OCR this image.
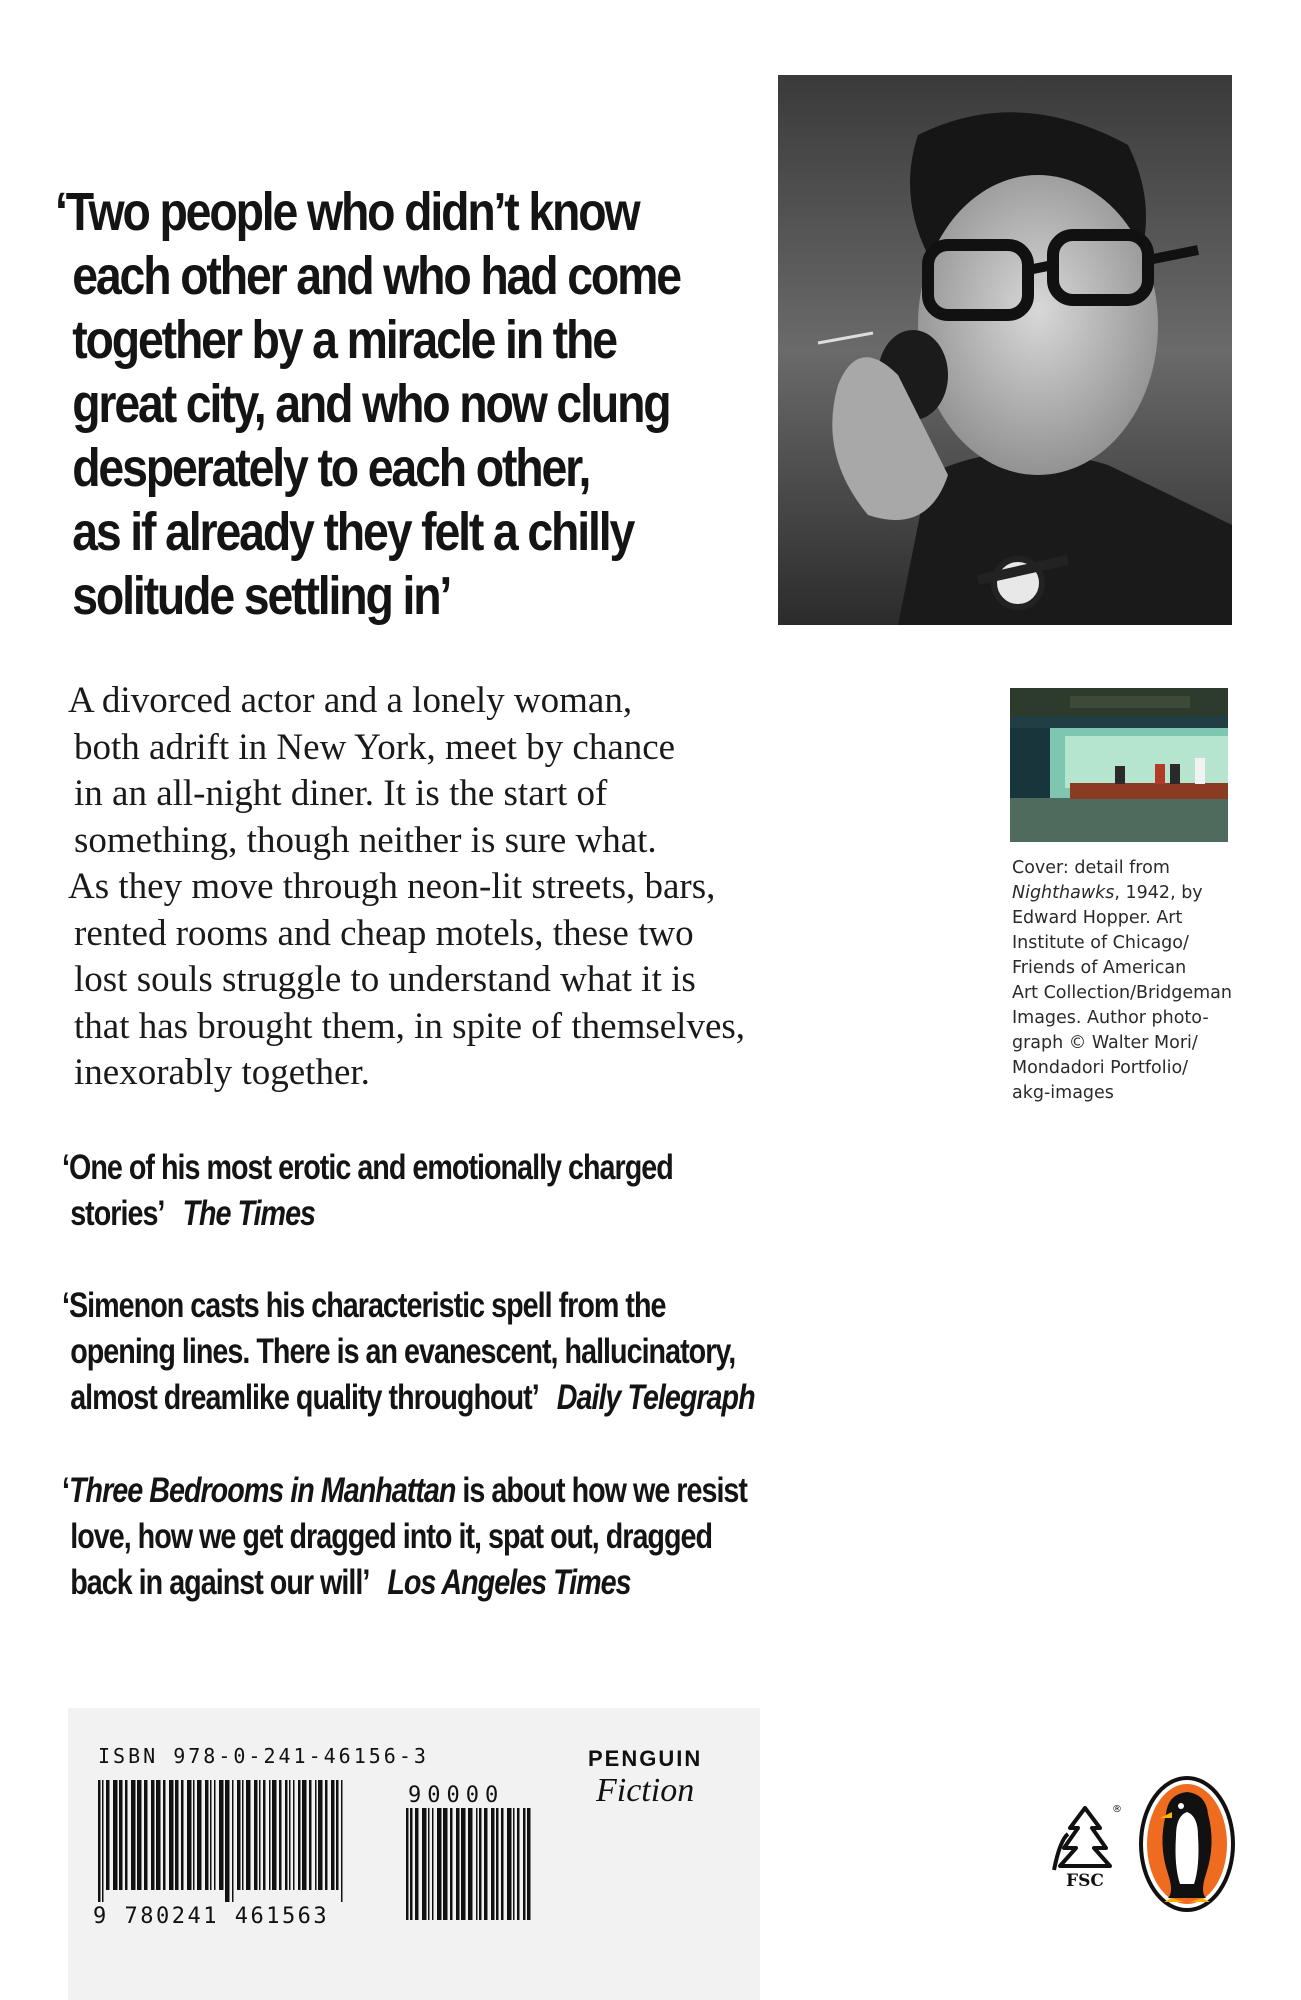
‘Two people who didn’t know
each other and who had come
together by a miracle in the
great city, and who now clung
desperately to each other,
as if already they felt a chilly
solitude settling in’

A divorced actor and a lonely woman,
both adrift in New York, meet by chance
in an all-night diner. It is the start of
something, though neither is sure what.
As they move through neon-lit streets, bars,
rented rooms and cheap motels, these two
lost souls struggle to understand what it is
that has brought them, in spite of themselves,
inexorably together.

Cover: detail from
Nighthawks, 1942, by
Edward Hopper. Art
Institute of Chicago/
Friends of American
Art Collection/Bridgeman
Images. Author photo-
graph © Walter Mori/
Mondadori Portfolio/
akg-images

‘One of his most erotic and emotionally charged
stories’ The Times

‘Simenon casts his characteristic spell from the
opening lines. There is an evanescent, hallucinatory,
almost dreamlike quality throughout’ Daily Telegraph

‘Three Bedrooms in Manhattan is about how we resist
love, how we get dragged into it, spat out, dragged
back in against our will’ Los Angeles Times

ISBN 978-0-241-46156-3
9 780241 461563
90000
PENGUIN
Fiction
®
FSC
